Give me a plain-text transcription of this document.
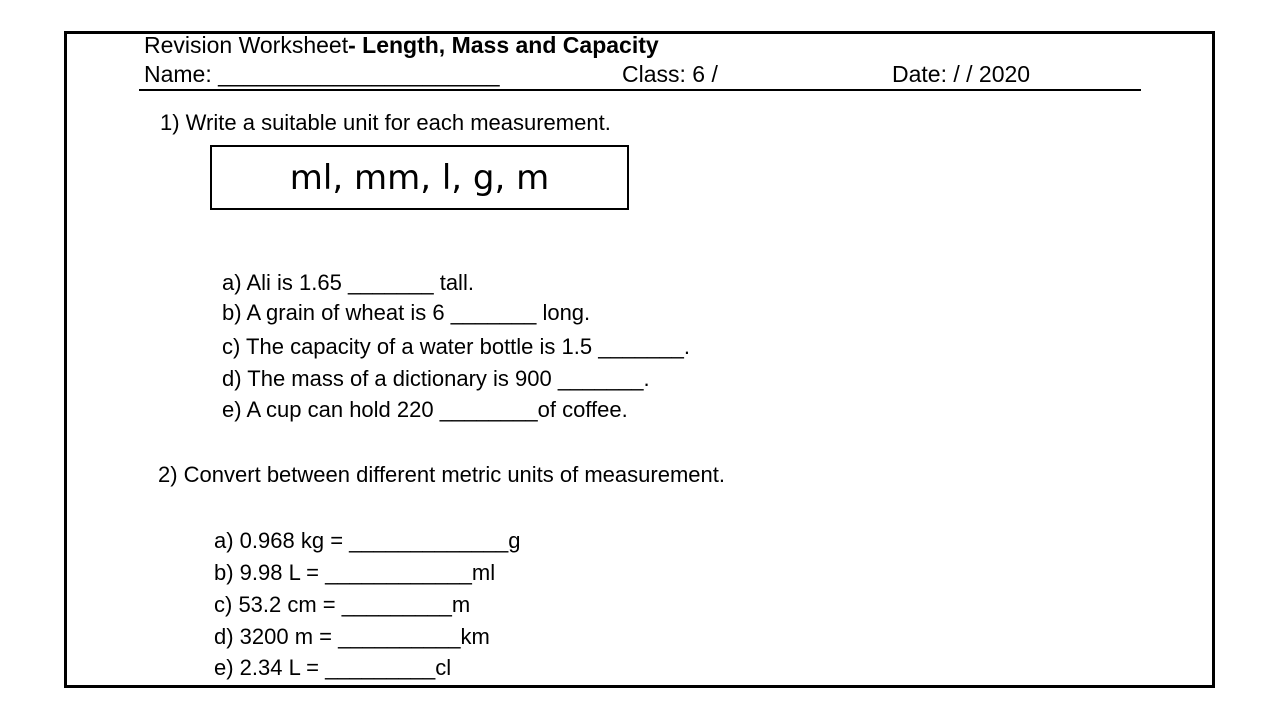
Revision Worksheet- Length, Mass and Capacity
Name: ______________________	Class: 6 /	Date: / / 2020
1) Write a suitable unit for each measurement.
ml, mm, l, g, m
a) Ali is 1.65 _______ tall.
b) A grain of wheat is 6 _______ long.
c) The capacity of a water bottle is 1.5 _______.
d) The mass of a dictionary is 900 _______.
e) A cup can hold 220 ________of coffee.
2) Convert between different metric units of measurement.
a) 0.968 kg = _____________g
b) 9.98 L = ____________ml
c) 53.2 cm = _________m
d) 3200 m = __________km
e) 2.34 L = _________cl
